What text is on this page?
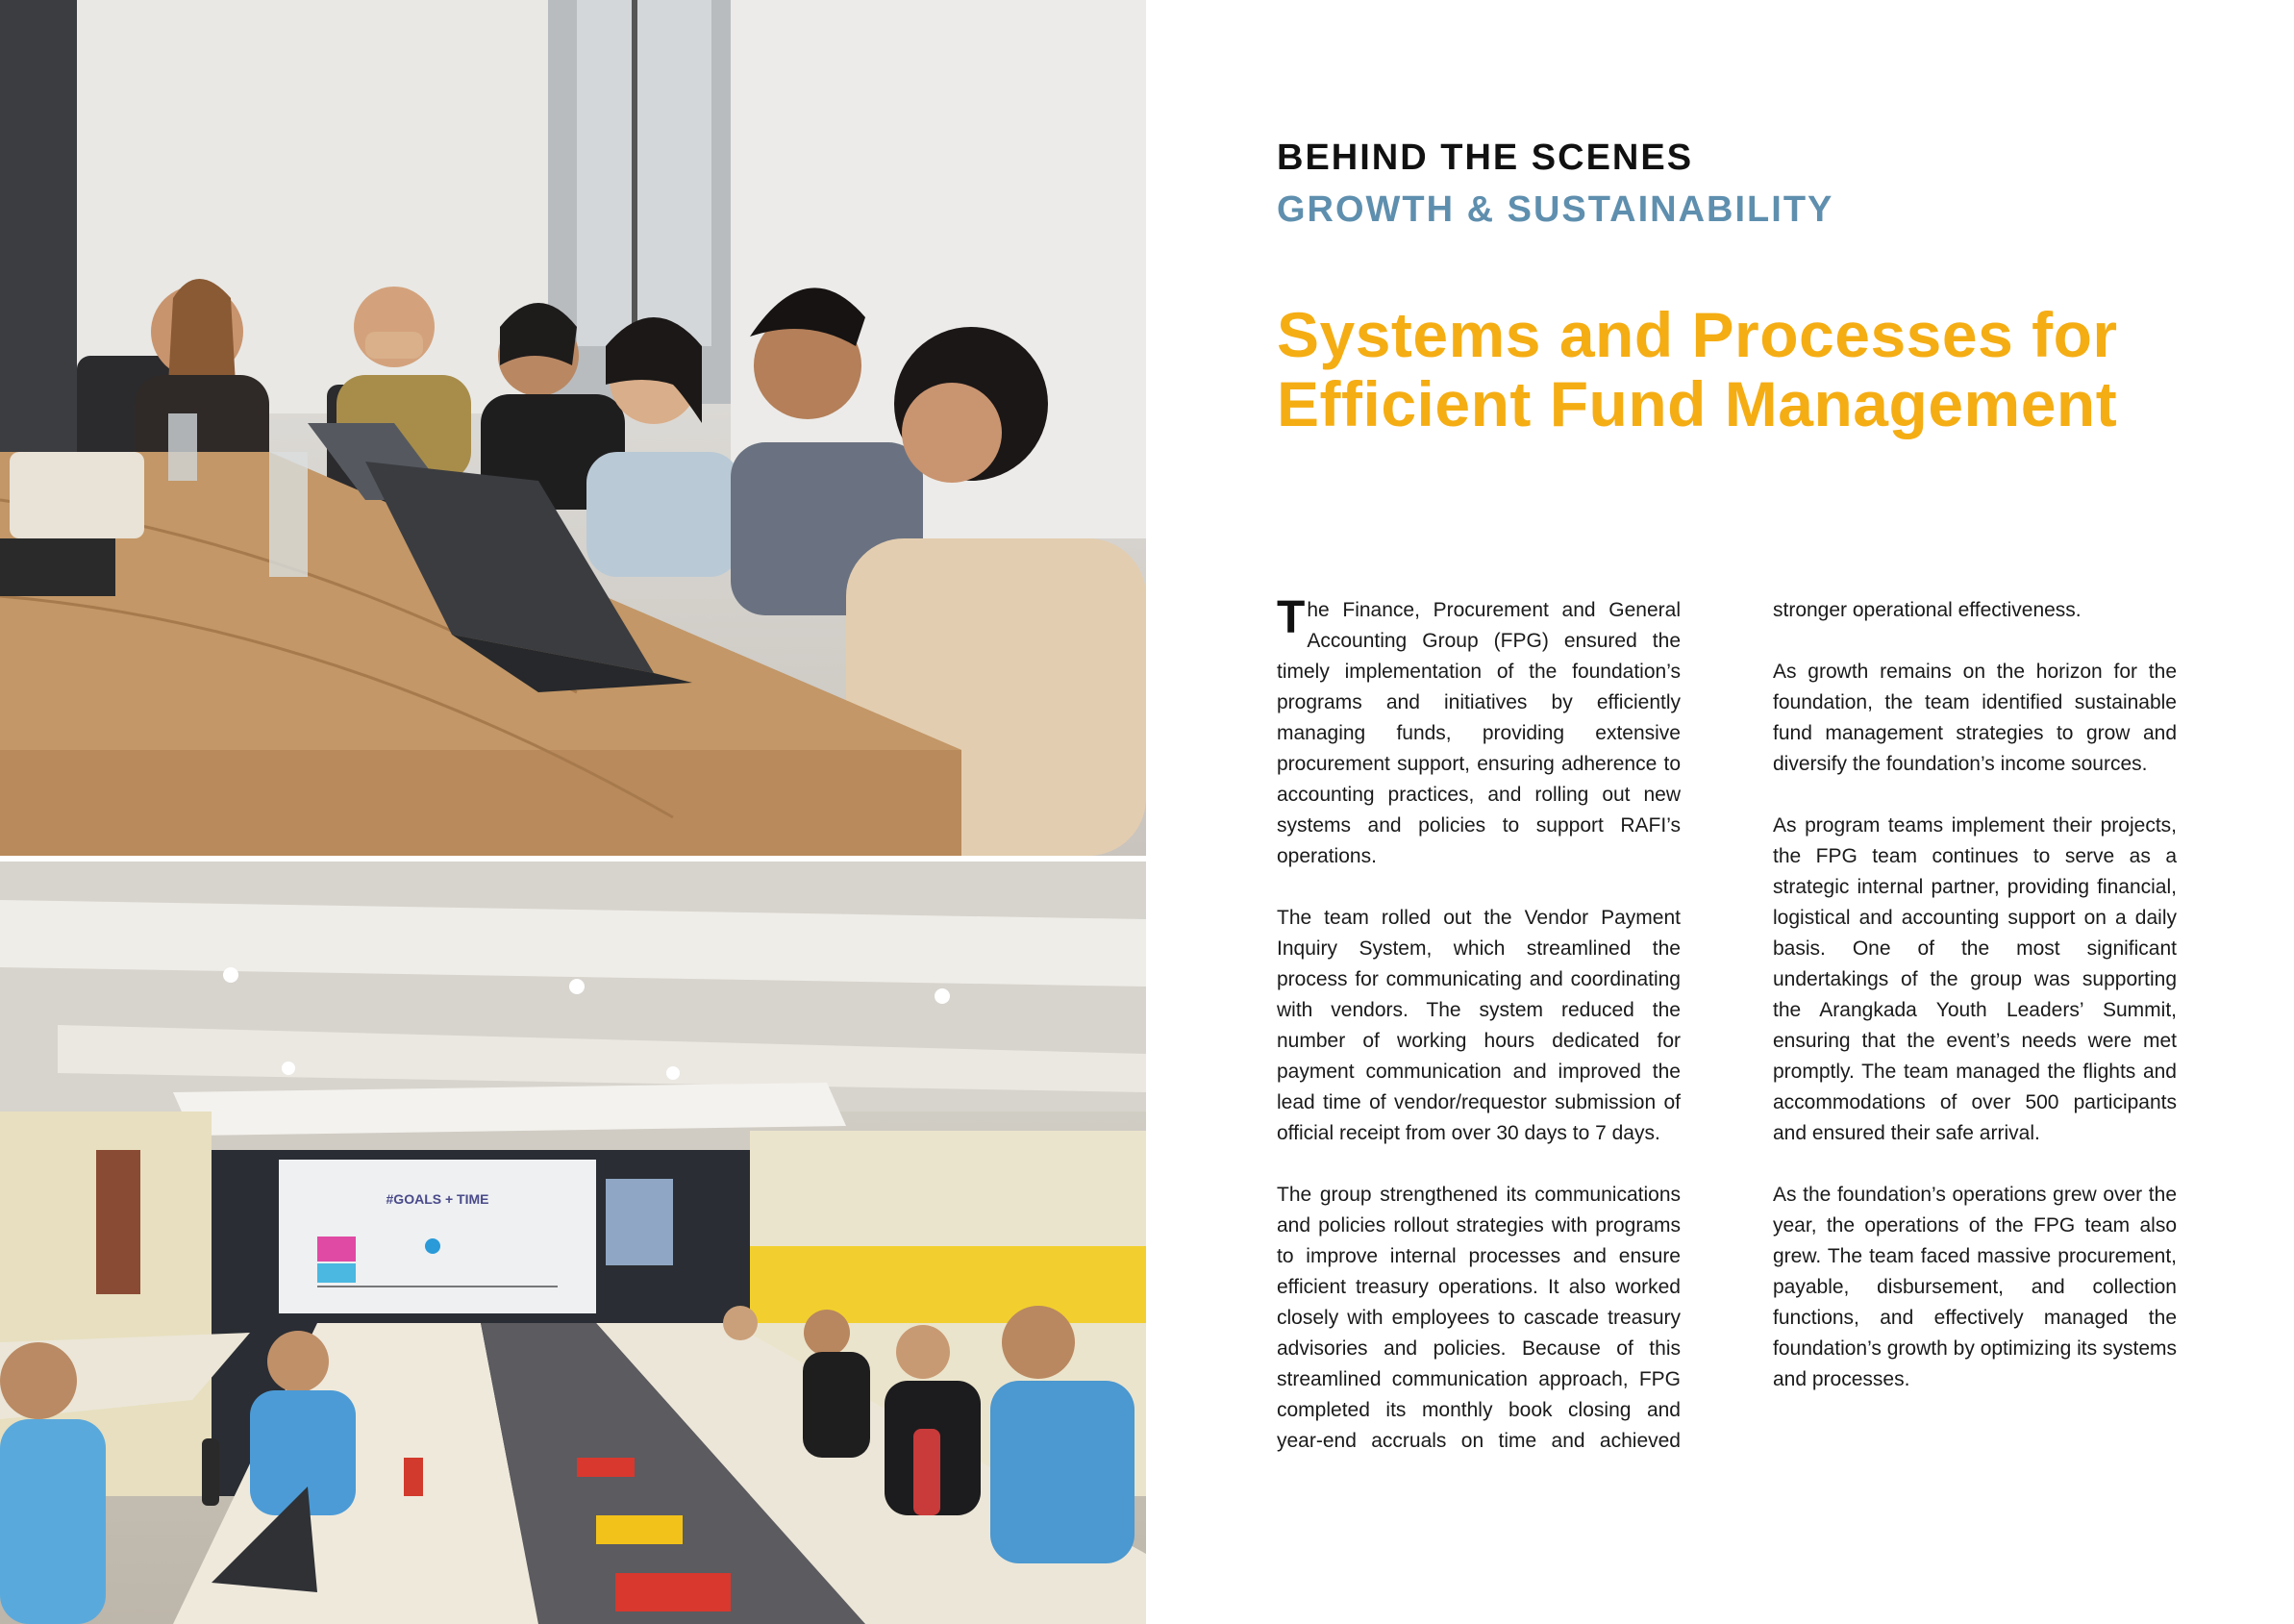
#GOALS + TIME
BEHIND THE SCENES
GROWTH & SUSTAINABILITY
Systems and Processes for
Efficient Fund Management

The Finance, Procurement and General Accounting Group (FPG) ensured the timely implementation of the foundation’s programs and initiatives by efficiently managing funds, providing extensive procurement support, ensuring adherence to accounting practices, and rolling out new systems and policies to support RAFI’s operations.

The team rolled out the Vendor Payment Inquiry System, which streamlined the process for communicating and coordinating with vendors. The system reduced the number of working hours dedicated for payment communication and improved the lead time of vendor/requestor submission of official receipt from over 30 days to 7 days.

The group strengthened its communications and policies rollout strategies with programs to improve internal processes and ensure efficient treasury operations. It also worked closely with employees to cascade treasury advisories and policies. Because of this streamlined communication approach, FPG completed its monthly book closing and year-end accruals on time and achieved

stronger operational effectiveness.

As growth remains on the horizon for the foundation, the team identified sustainable fund management strategies to grow and diversify the foundation’s income sources.

As program teams implement their projects, the FPG team continues to serve as a strategic internal partner, providing financial, logistical and accounting support on a daily basis. One of the most significant undertakings of the group was supporting the Arangkada Youth Leaders’ Summit, ensuring that the event’s needs were met promptly. The team managed the flights and accommodations of over 500 participants and ensured their safe arrival.

As the foundation’s operations grew over the year, the operations of the FPG team also grew. The team faced massive procurement, payable, disbursement, and collection functions, and effectively managed the foundation’s growth by optimizing its systems and processes.
